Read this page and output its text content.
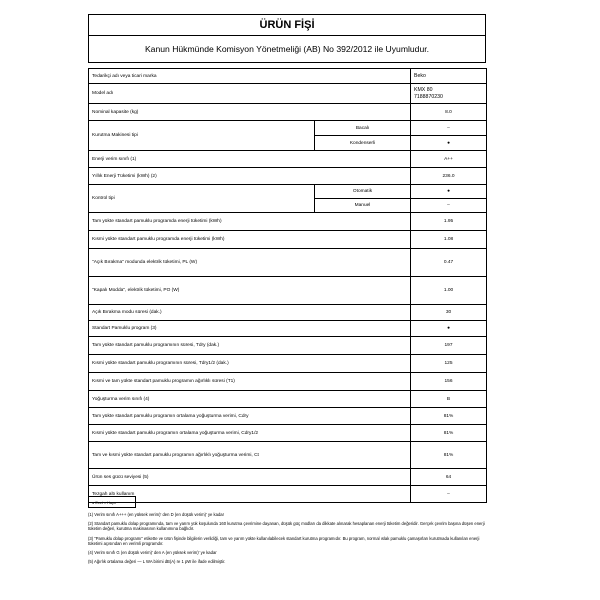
ÜRÜN FİŞİ
Kanun Hükmünde Komisyon Yönetmeliği (AB) No 392/2012 ile Uyumludur.
Tedarikçi adı veya ticari marka		Beko
Model adı		KMX 80
7188870230

Nominal kapasite (kg)		8.0
Kurutma Makinesi tipi	Bacalı	–
	Kondenserli	●
Enerji verim sınıfı (1)		A++
Yıllık Enerji Tüketimi (kWh) (2)		236.0
Kontrol tipi	Otomatik	●
	Manuel	–
Tam yükte standart pamuklu programda enerji tüketimi (kWh)		1.95
Kısmi yükte standart pamuklu programda enerji tüketimi (kWh)		1.08
"Açık Bırakma" modunda elektrik tüketimi, PL (W)		0.47
"Kapalı Modda", elektrik tüketimi, PO (W)		1.00
Açık Bırakma modu süresi (dak.)		30
Standart Pamuklu program (3)		●
Tam yükte standart pamuklu programının süresi, Tdry (dak.)		197
Kısmi yükte standart pamuklu programının süresi, Tdry1/2 (dak.)		125
Kısmi ve tam yükte standart pamuklu programın ağırlıklı süresi (T1)		156
Yoğuşturma verim sınıfı (4)		B
Tam yükte standart pamuklu programın ortalama yoğuşturma verimi, Cdry		81%
Kısmi yükte standart pamuklu programın ortalama yoğuşturma verimi, Cdry1/2		81%
Tam ve kısmi yükte standart pamuklu programın ağırlıklı yoğuşturma verimi, Ct		81%
Ürün ses gücü seviyesi (5)		64
Tezgah altı kullanım		–
● Evet – Hayır
(1) Verim sınıfı A+++ (en yüksek verim)' den D (en düşük verim)' ye kadar
(2) Standart pamuklu dolap programında, tam ve yarım yük koşulunda 160 kurutma çevrimine dayanan, düşük güç modları da dikkate alınarak hesaplanan enerji tüketim değeridir. Gerçek çevrim başına düşen enerji tüketim değeri, kurutma makinasının kullanımına bağlıdır.
(3) "Pamuklu dolap programı" etikette ve ürün fişinde bilgilerin verildiği, tam ve yarım yükte kullanılabilecek standart kurutma programıdır. Bu program, normal ıslak pamuklu çamaşırları kurutmada kullanılan enerji tüketimi açısından en verimli programdır.
(4) Verim sınıfı G (en düşük verim)' den A (en yüksek verim)' ye kadar
(5) Ağırlık ortalama değeri — L WA birimi dB(A) re 1 pW ile ifade edilmiştir.
